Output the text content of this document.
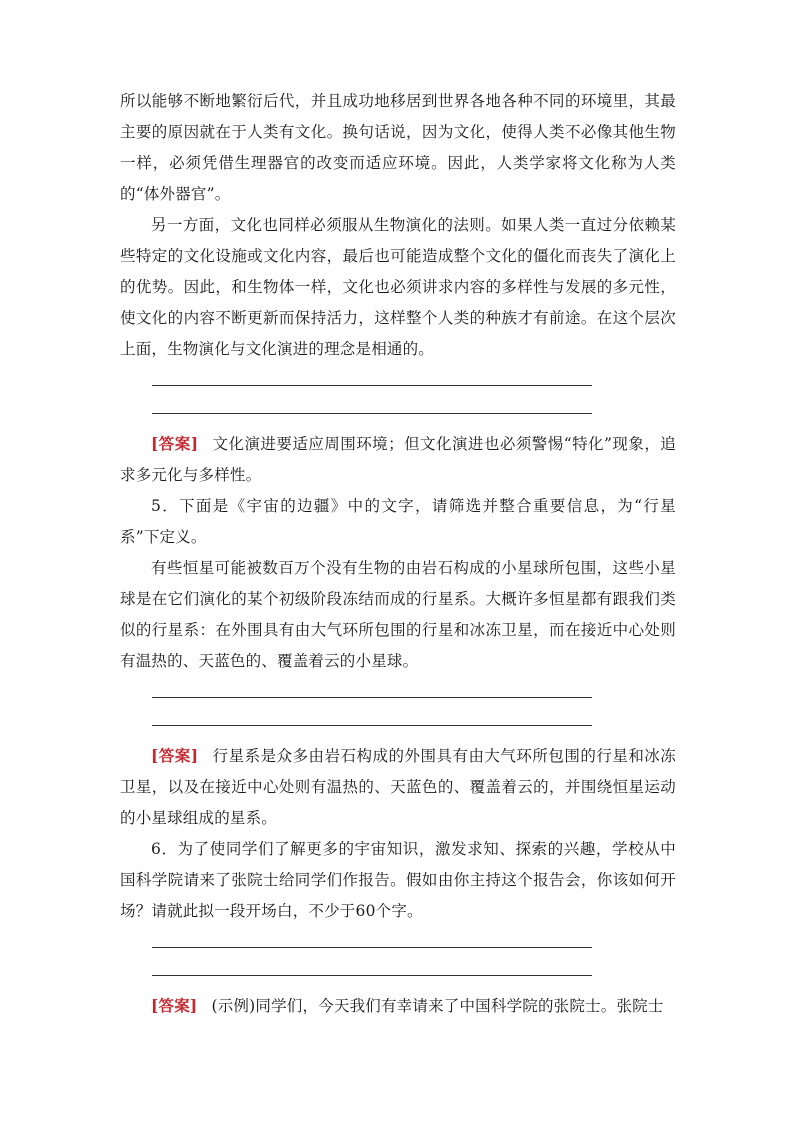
所以能够不断地繁衍后代，并且成功地移居到世界各地各种不同的环境里，其最主要的原因就在于人类有文化。换句话说，因为文化，使得人类不必像其他生物一样，必须凭借生理器官的改变而适应环境。因此，人类学家将文化称为人类的“体外器官”。

另一方面，文化也同样必须服从生物演化的法则。如果人类一直过分依赖某些特定的文化设施或文化内容，最后也可能造成整个文化的僵化而丧失了演化上的优势。因此，和生物体一样，文化也必须讲求内容的多样性与发展的多元性，使文化的内容不断更新而保持活力，这样整个人类的种族才有前途。在这个层次上面，生物演化与文化演进的理念是相通的。

[答案] 文化演进要适应周围环境；但文化演进也必须警惕“特化”现象，追求多元化与多样性。

5．下面是《宇宙的边疆》中的文字，请筛选并整合重要信息，为“行星系”下定义。

有些恒星可能被数百万个没有生物的由岩石构成的小星球所包围，这些小星球是在它们演化的某个初级阶段冻结而成的行星系。大概许多恒星都有跟我们类似的行星系：在外围具有由大气环所包围的行星和冰冻卫星，而在接近中心处则有温热的、天蓝色的、覆盖着云的小星球。

[答案] 行星系是众多由岩石构成的外围具有由大气环所包围的行星和冰冻卫星，以及在接近中心处则有温热的、天蓝色的、覆盖着云的，并围绕恒星运动的小星球组成的星系。

6．为了使同学们了解更多的宇宙知识，激发求知、探索的兴趣，学校从中国科学院请来了张院士给同学们作报告。假如由你主持这个报告会，你该如何开场？请就此拟一段开场白，不少于60个字。

[答案] (示例)同学们，今天我们有幸请来了中国科学院的张院士。张院士
